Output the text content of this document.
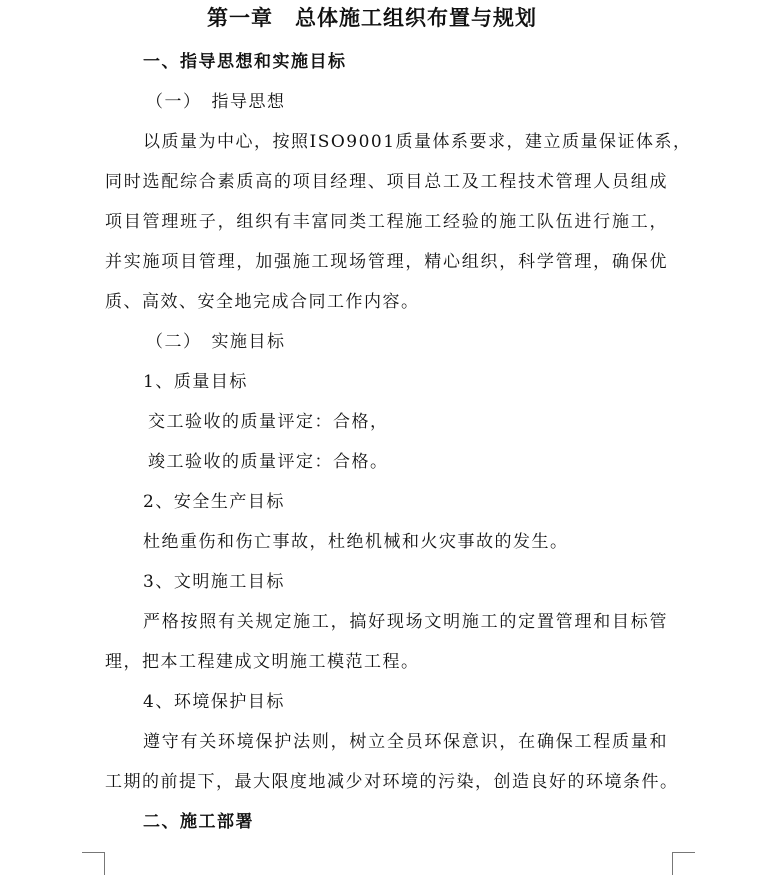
第一章　总体施工组织布置与规划
一、指导思想和实施目标
（一）　指导思想
以质量为中心，按照ISO9001质量体系要求，建立质量保证体系，
同时选配综合素质高的项目经理、项目总工及工程技术管理人员组成
项目管理班子，组织有丰富同类工程施工经验的施工队伍进行施工，
并实施项目管理，加强施工现场管理，精心组织，科学管理，确保优
质、高效、安全地完成合同工作内容。
（二）　实施目标
1、质量目标
交工验收的质量评定：合格，
竣工验收的质量评定：合格。
2、安全生产目标
杜绝重伤和伤亡事故，杜绝机械和火灾事故的发生。
3、文明施工目标
严格按照有关规定施工，搞好现场文明施工的定置管理和目标管
理，把本工程建成文明施工模范工程。
4、环境保护目标
遵守有关环境保护法则，树立全员环保意识，在确保工程质量和
工期的前提下，最大限度地减少对环境的污染，创造良好的环境条件。
二、施工部署
